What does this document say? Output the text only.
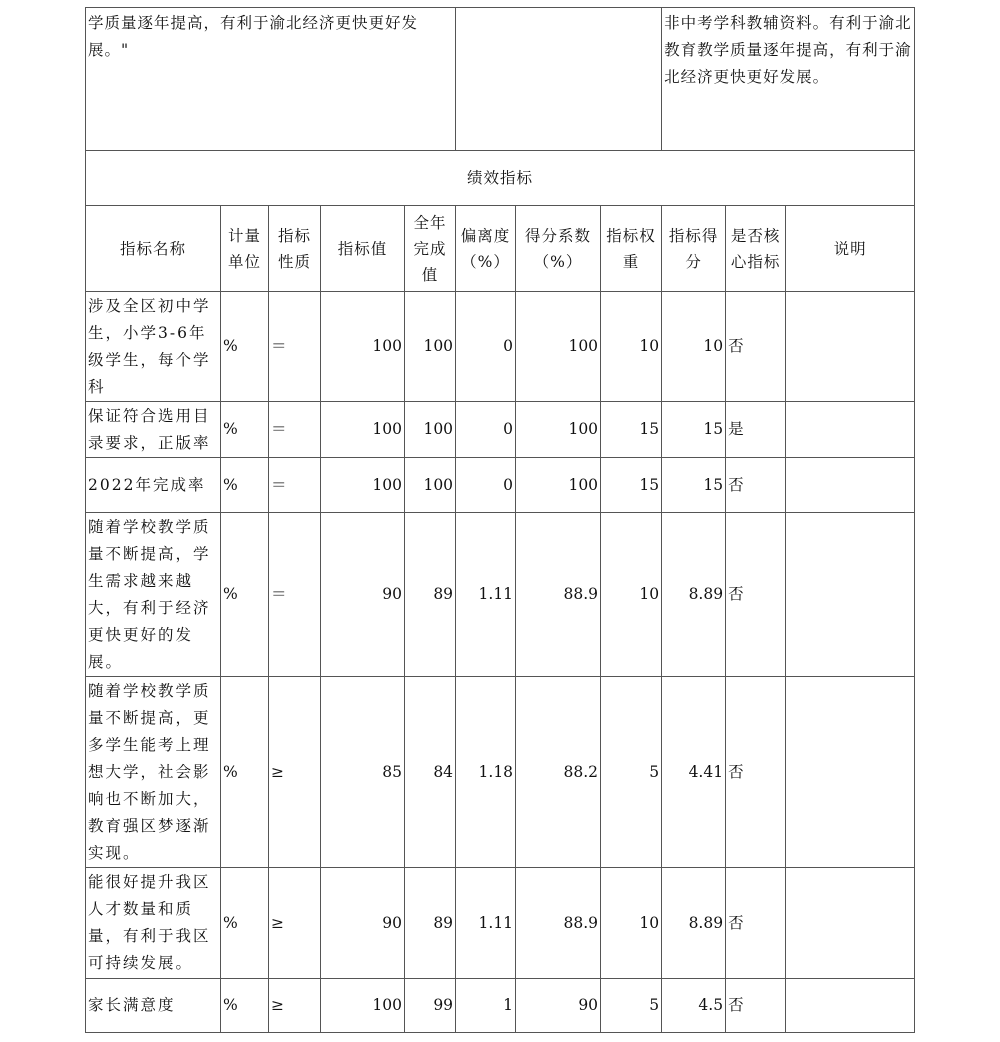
学质量逐年提高，有利于渝北经济更快更好发展。"								非中考学科教辅资料。有利于渝北教育教学质量逐年提高，有利于渝北经济更快更好发展。		
绩效指标										
指标名称	计量单位	指标性质	指标值	全年完成值	偏离度（%）	得分系数（%）	指标权重	指标得分	是否核心指标	说明
涉及全区初中学生，小学3-6年级学生，每个学科	%	＝	100	100	0	100	10	10	否	
保证符合选用目录要求，正版率	%	＝	100	100	0	100	15	15	是	
2022年完成率	%	＝	100	100	0	100	15	15	否	
随着学校教学质量不断提高，学生需求越来越大，有利于经济更快更好的发展。	%	＝	90	89	1.11	88.9	10	8.89	否	
随着学校教学质量不断提高，更多学生能考上理想大学，社会影响也不断加大，教育强区梦逐渐实现。	%	≥	85	84	1.18	88.2	5	4.41	否	
能很好提升我区人才数量和质量，有利于我区可持续发展。	%	≥	90	89	1.11	88.9	10	8.89	否	
家长满意度	%	≥	100	99	1	90	5	4.5	否	
